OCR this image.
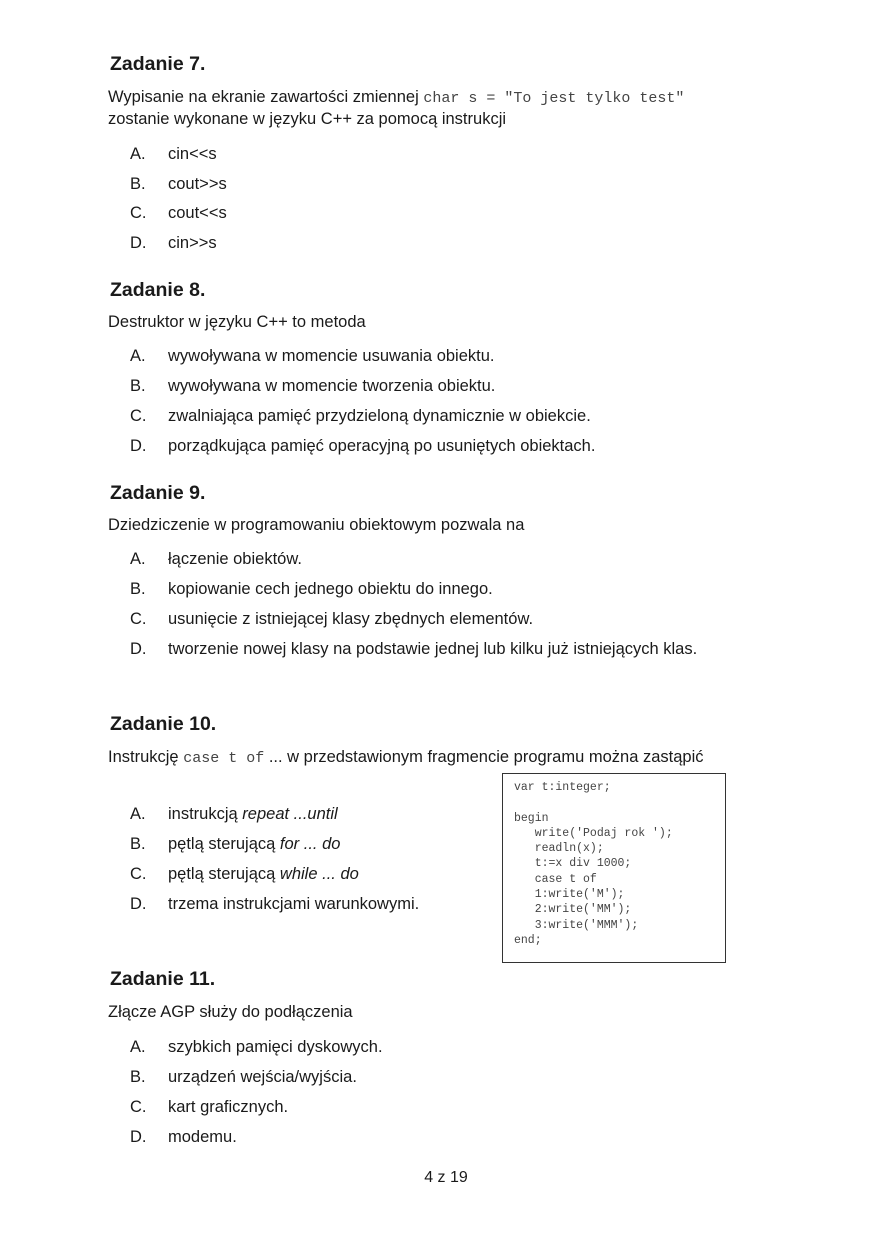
Zadanie 7.

Wypisanie na ekranie zawartości zmiennej char s = "To jest tylko test"

zostanie wykonane w języku C++ za pomocą instrukcji

A. cin<<s
B. cout>>s
C. cout<<s
D. cin>>s
Zadanie 8.

Destruktor w języku C++ to metoda

A. wywoływana w momencie usuwania obiektu.
B. wywoływana w momencie tworzenia obiektu.
C. zwalniająca pamięć przydzieloną dynamicznie w obiekcie.
D. porządkująca pamięć operacyjną po usuniętych obiektach.
Zadanie 9.

Dziedziczenie w programowaniu obiektowym pozwala na

A. łączenie obiektów.
B. kopiowanie cech jednego obiektu do innego.
C. usunięcie z istniejącej klasy zbędnych elementów.
D. tworzenie nowej klasy na podstawie jednej lub kilku już istniejących klas.
Zadanie 10.

Instrukcję case t of ... w przedstawionym fragmencie programu można zastąpić

A. instrukcją repeat ...until
B. pętlą sterującą for ... do
C. pętlą sterującą while ... do
D. trzema instrukcjami warunkowymi.
var t:integer;
begin
write('Podaj rok ');
readln(x);
t:=x div 1000;
case t of
1:write('M');
2:write('MM');
3:write('MMM');
end;
Zadanie 11.

Złącze AGP służy do podłączenia

A. szybkich pamięci dyskowych.
B. urządzeń wejścia/wyjścia.
C. kart graficznych.
D. modemu.
4 z 19
